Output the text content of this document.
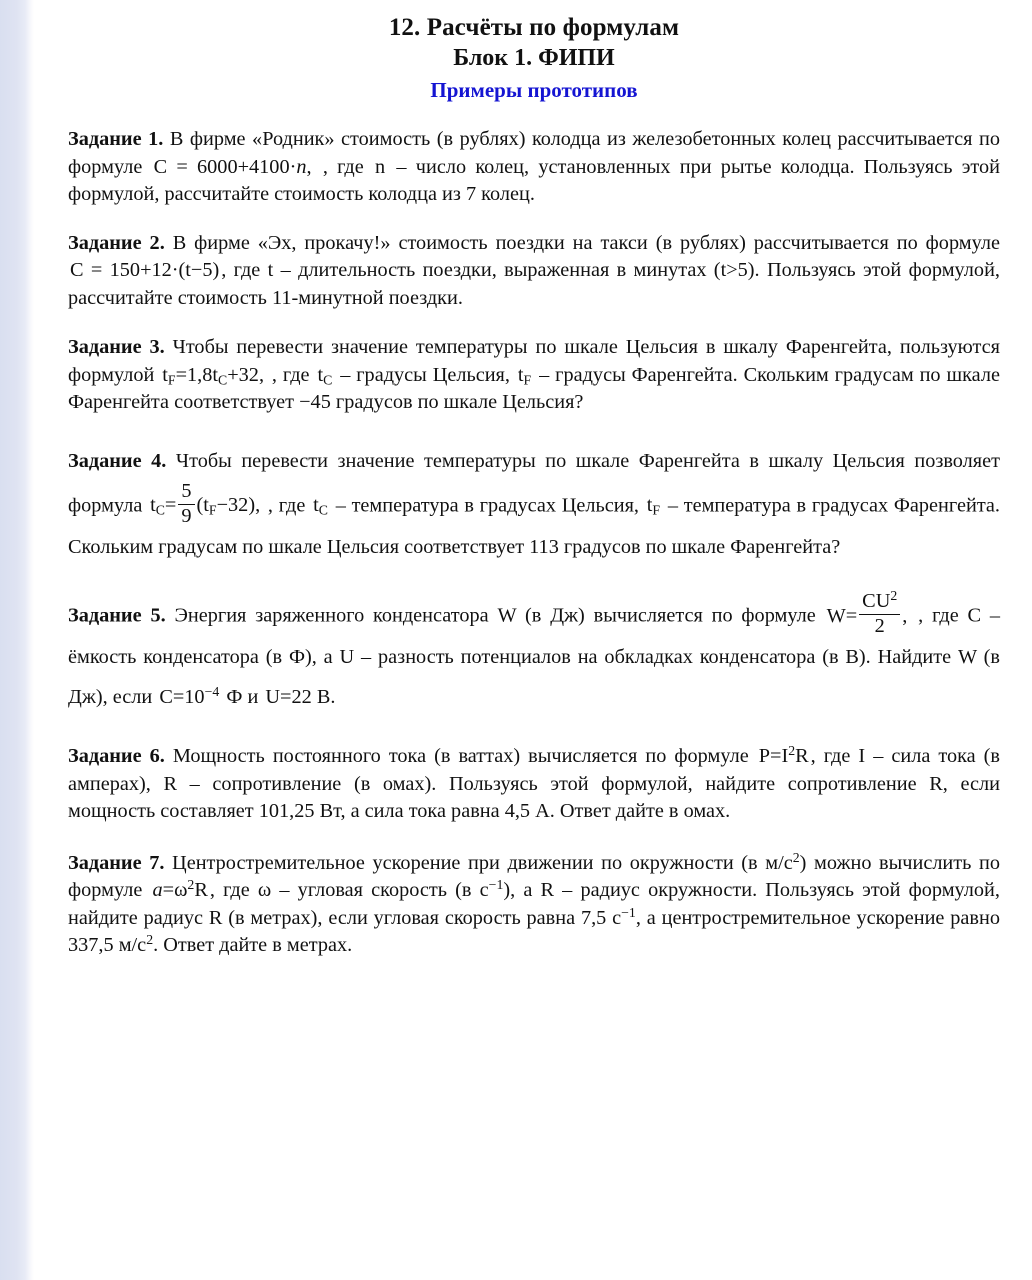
12. Расчёты по формулам
Блок 1. ФИПИ
Примеры прототипов

Задание 1. В фирме «Родник» стоимость (в рублях) колодца из железобетонных колец рассчитывается по формуле C = 6000+4100·n, , где n – число колец, установленных при рытье колодца. Пользуясь этой формулой, рассчитайте стоимость колодца из 7 колец.

Задание 2. В фирме «Эх, прокачу!» стоимость поездки на такси (в рублях) рассчитывается по формуле C = 150+12·(t−5), где t – длительность поездки, выраженная в минутах (t>5). Пользуясь этой формулой, рассчитайте стоимость 11-минутной поездки.

Задание 3. Чтобы перевести значение температуры по шкале Цельсия в шкалу Фаренгейта, пользуются формулой $t_F=1,8t_C+32$, , где $t_C$ – градусы Цельсия, $t_F$ – градусы Фаренгейта. Скольким градусам по шкале Фаренгейта соответствует −45 градусов по шкале Цельсия?

Задание 4. Чтобы перевести значение температуры по шкале Фаренгейта в шкалу Цельсия позволяет формула $t_C= \frac{5}{9} (t_F-32)$, , где $t_C$ – температура в градусах Цельсия, $t_F$ – температура в градусах Фаренгейта. Скольким градусам по шкале Цельсия соответствует 113 градусов по шкале Фаренгейта?

Задание 5. Энергия заряженного конденсатора W (в Дж) вычисляется по формуле $W= \frac{CU^2}{2}$ , , где C – ёмкость конденсатора (в Ф), а U – разность потенциалов на обкладках конденсатора (в В). Найдите W (в Дж), если $C=10^{-4}$ Ф и U=22 В.

Задание 6. Мощность постоянного тока (в ваттах) вычисляется по формуле $P=I^2R$, где I – сила тока (в амперах), R – сопротивление (в омах). Пользуясь этой формулой, найдите сопротивление R, если мощность составляет 101,25 Вт, а сила тока равна 4,5 А. Ответ дайте в омах.

Задание 7. Центростремительное ускорение при движении по окружности (в $м/с^2$) можно вычислить по формуле $a=\omega^2R$, где ω – угловая скорость (в $с^{-1}$), а R – радиус окружности. Пользуясь этой формулой, найдите радиус R (в метрах), если угловая скорость равна 7,5 $с^{-1}$, а центростремительное ускорение равно 337,5 $м/с^2$. Ответ дайте в метрах.
